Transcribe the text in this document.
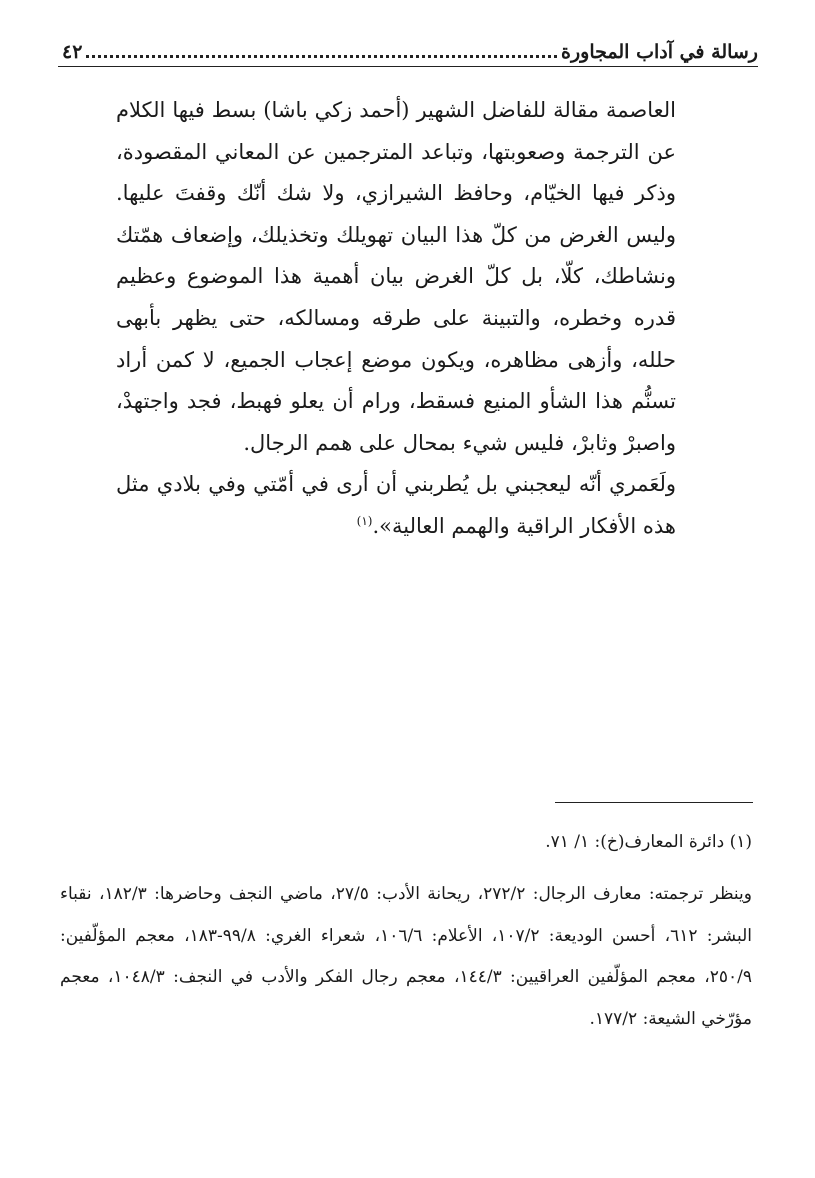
رسالة في آداب المجاورة
٤٢

العاصمة مقالة للفاضل الشهير (أحمد زكي باشا) بسط فيها الكلام عن الترجمة وصعوبتها، وتباعد المترجمين عن المعاني المقصودة، وذكر فيها الخيّام، وحافظ الشيرازي، ولا شك أنّك وقفتَ عليها. وليس الغرض من كلّ هذا البيان تهويلك وتخذيلك، وإضعاف همّتك ونشاطك، كلّا، بل كلّ الغرض بيان أهمية هذا الموضوع وعظيم قدره وخطره، والتبينة على طرقه ومسالكه، حتى يظهر بأبهى حلله، وأزهى مظاهره، ويكون موضع إعجاب الجميع، لا كمن أراد تسنُّم هذا الشأو المنيع فسقط، ورام أن يعلو فهبط، فجد واجتهدْ، واصبرْ وثابرْ، فليس شيء بمحال على همم الرجال.

ولَعَمري أنّه ليعجبني بل يُطربني أن أرى في أمّتي وفي بلادي مثل هذه الأفكار الراقية والهمم العالية».$^{(١)}$

(١) دائرة المعارف(خ): ١/ ٧١.

وينظر ترجمته: معارف الرجال: ٢٧٢/٢، ريحانة الأدب: ٢٧/٥، ماضي النجف وحاضرها: ١٨٢/٣، نقباء البشر: ٦١٢، أحسن الوديعة: ١٠٧/٢، الأعلام: ١٠٦/٦، شعراء الغري: ٩٩/٨-١٨٣، معجم المؤلّفين: ٢٥٠/٩، معجم المؤلّفين العراقيين: ١٤٤/٣، معجم رجال الفكر والأدب في النجف: ١٠٤٨/٣، معجم مؤرّخي الشيعة: ١٧٧/٢.
